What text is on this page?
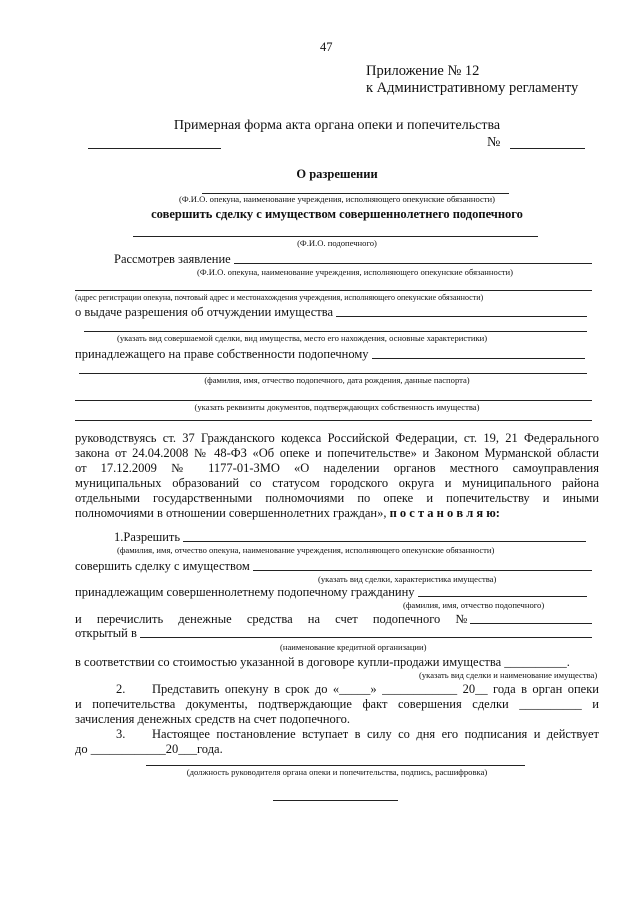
47
Приложение № 12
к Административному регламенту
Примерная форма акта органа опеки и попечительства
№
О разрешении
(Ф.И.О. опекуна, наименование учреждения, исполняющего опекунские обязанности)
совершить сделку с имуществом совершеннолетнего подопечного
(Ф.И.О. подопечного)
Рассмотрев заявление
(Ф.И.О. опекуна, наименование учреждения, исполняющего опекунские обязанности)
(адрес регистрации опекуна, почтовый адрес и местонахождения учреждения, исполняющего опекунские обязанности)
о выдаче разрешения об отчуждении имущества
(указать вид совершаемой сделки, вид имущества, место его нахождения, основные характеристики)
принадлежащего на праве собственности подопечному
(фамилия, имя, отчество подопечного, дата рождения, данные паспорта)
(указать реквизиты документов, подтверждающих собственность имущества)
руководствуясь ст. 37 Гражданского кодекса Российской Федерации, ст. 19, 21 Федерального
закона от 24.04.2008 № 48-ФЗ «Об опеке и попечительстве» и Законом Мурманской области
от 17.12.2009 № 1177-01-ЗМО «О наделении органов местного самоуправления
муниципальных образований со статусом городского округа и муниципального района
отдельными государственными полномочиями по опеке и попечительству и иными
полномочиями в отношении совершеннолетних граждан», п о с т а н о в л я ю:
1.Разрешить
(фамилия, имя, отчество опекуна, наименование учреждения, исполняющего опекунские обязанности)
совершить сделку с имуществом
(указать вид сделки, характеристика имущества)
принадлежащим совершеннолетнему подопечному гражданину
(фамилия, имя, отчество подопечного)
и перечислить денежные средства на счет подопечного №
открытый в
(наименование кредитной организации)
в соответствии со стоимостью указанной в договоре купли-продажи имущества __________.
(указать вид сделки и наименование имущества)
2.	Представить опекуну в срок до «_____» ____________ 20__ года в орган опеки
и попечительства документы, подтверждающие факт совершения сделки __________ и
зачисления денежных средств на счет подопечного.
3.	Настоящее постановление вступает в силу со дня его подписания и действует
до ____________20___года.
(должность руководителя органа опеки и попечительства, подпись, расшифровка)
